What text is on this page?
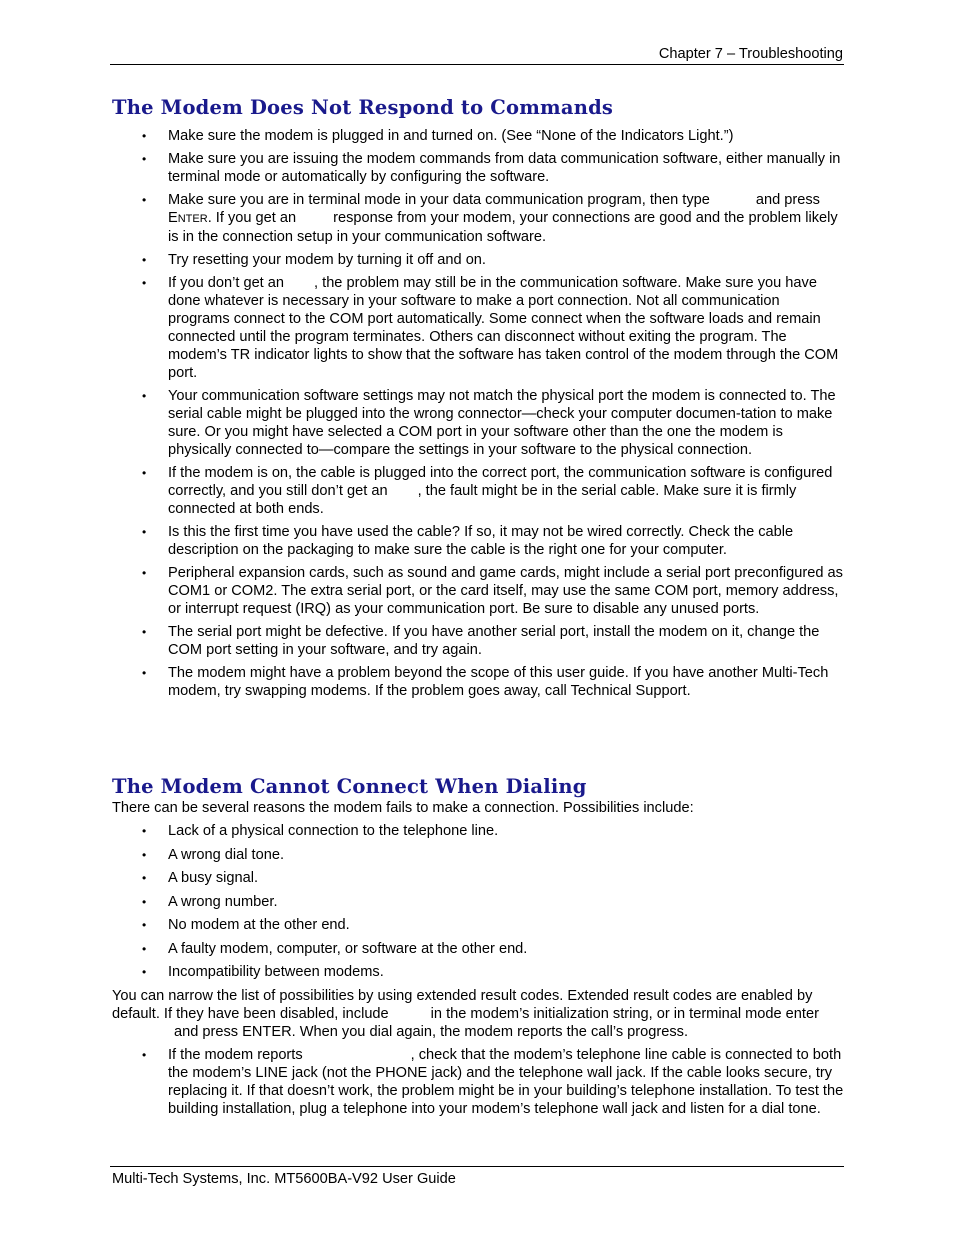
Chapter 7 – Troubleshooting
The Modem Does Not Respond to Commands
• Make sure the modem is plugged in and turned on. (See “None of the Indicators Light.”)
• Make sure you are issuing the modem commands from data communication software, either manually in terminal mode or automatically by configuring the software.
• Make sure you are in terminal mode in your data communication program, then type	and press ENTER. If you get an	response from your modem, your connections are good and the problem likely is in the connection setup in your communication software.
• Try resetting your modem by turning it off and on.
• If you don’t get an , the problem may still be in the communication software. Make sure you have done whatever is necessary in your software to make a port connection. Not all communication programs connect to the COM port automatically. Some connect when the software loads and remain connected until the program terminates. Others can disconnect without exiting the program. The modem’s TR indicator lights to show that the software has taken control of the modem through the COM port.
• Your communication software settings may not match the physical port the modem is connected to. The serial cable might be plugged into the wrong connector—check your computer documen-tation to make sure. Or you might have selected a COM port in your software other than the one the modem is physically connected to—compare the settings in your software to the physical connection.
• If the modem is on, the cable is plugged into the correct port, the communication software is configured correctly, and you still don’t get an , the fault might be in the serial cable. Make sure it is firmly connected at both ends.
• Is this the first time you have used the cable? If so, it may not be wired correctly. Check the cable description on the packaging to make sure the cable is the right one for your computer.
• Peripheral expansion cards, such as sound and game cards, might include a serial port preconfigured as COM1 or COM2. The extra serial port, or the card itself, may use the same COM port, memory address, or interrupt request (IRQ) as your communication port. Be sure to disable any unused ports.
• The serial port might be defective. If you have another serial port, install the modem on it, change the COM port setting in your software, and try again.
• The modem might have a problem beyond the scope of this user guide. If you have another Multi-Tech modem, try swapping modems. If the problem goes away, call Technical Support.
The Modem Cannot Connect When Dialing

There can be several reasons the modem fails to make a connection. Possibilities include:

• Lack of a physical connection to the telephone line.
• A wrong dial tone.
• A busy signal.
• A wrong number.
• No modem at the other end.
• A faulty modem, computer, or software at the other end.
• Incompatibility between modems.

You can narrow the list of possibilities by using extended result codes. Extended result codes are enabled by default. If they have been disabled, include	in the modem’s initialization string, or in terminal mode enterand press ENTER. When you dial again, the modem reports the call’s progress.

• If the modem reports	, check that the modem’s telephone line cable is connected to both the modem’s LINE jack (not the PHONE jack) and the telephone wall jack. If the cable looks secure, try replacing it. If that doesn’t work, the problem might be in your building’s telephone installation. To test the building installation, plug a telephone into your modem’s telephone wall jack and listen for a dial tone.
Multi-Tech Systems, Inc. MT5600BA-V92 User Guide
